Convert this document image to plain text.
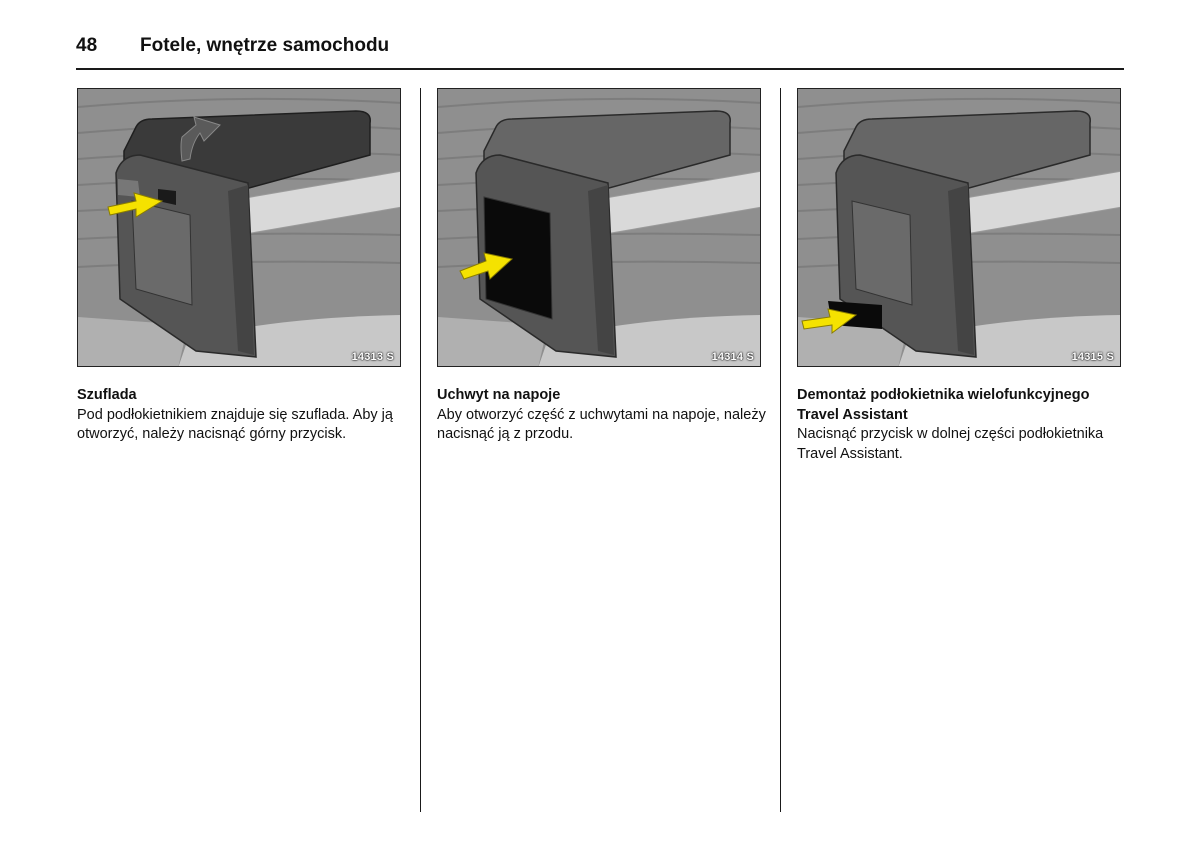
48	Fotele, wnętrze samochodu
14313 S	14314 S	14315 S

Szuflada

Pod podłokietnikiem znajduje się szuflada. Aby ją otworzyć, należy nacisnąć górny przycisk.

Uchwyt na napoje

Aby otworzyć część z uchwytami na napoje, należy nacisnąć ją z przodu.

Demontaż podłokietnika wielofunkcyjnego Travel Assistant

Nacisnąć przycisk w dolnej części podłokietnika Travel Assistant.
